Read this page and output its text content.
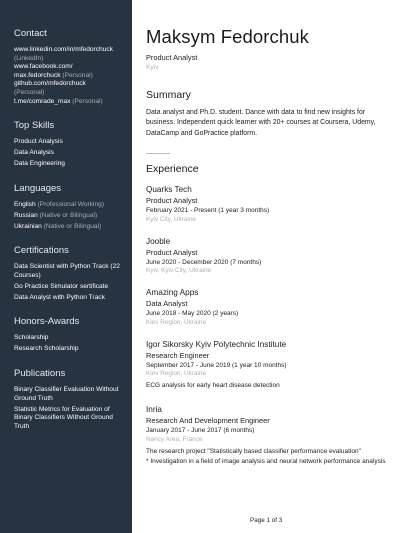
Contact
www.linkedin.com/in/mfedorchuck
(LinkedIn)
www.facebook.com/
max.fedorchuck (Personal)
github.com/mfedorchuck
(Personal)
t.me/comrade_max (Personal)
Top Skills
Product Analysis
Data Analysis
Data Engineering
Languages
English (Professional Working)
Russian (Native or Bilingual)
Ukrainian (Native or Bilingual)
Certifications
Data Scientist with Python Track (22 Courses)
Go Practice Simulator sertificate
Data Analyst with Python Track
Honors-Awards
Scholarship
Research Scholarship
Publications
Binary Classifier Evaluation Without Ground Truth
Statistic Metrics for Evaluation of Binary Classifiers Without Ground Truth
Maksym Fedorchuk
Product Analyst
Kyiv
Summary
Data analyst and Ph.D. student. Dance with data to find new insights for business. Independent quick learner with 20+ courses at Coursera, Udemy, DataCamp and GoPractice platform.
Experience
Quarks Tech
Product Analyst
February 2021 - Present (1 year 3 months)
Kyiv City, Ukraine
Jooble
Product Analyst
June 2020 - December 2020 (7 months)
Kyiv, Kyiv City, Ukraine
Amazing Apps
Data Analyst
June 2018 - May 2020 (2 years)
Kiev Region, Ukraine
Igor Sikorsky Kyiv Polytechnic Institute
Research Engineer
September 2017 - June 2019 (1 year 10 months)
Kiev Region, Ukraine
ECG analysis for early heart disease detection
Inria
Research And Development Engineer
January 2017 - June 2017 (6 months)
Nancy Area, France
The research project "Statistically based classifier performance evaluation"
* Investigation in a field of image analysis and neural network performance analysis
Page 1 of 3
